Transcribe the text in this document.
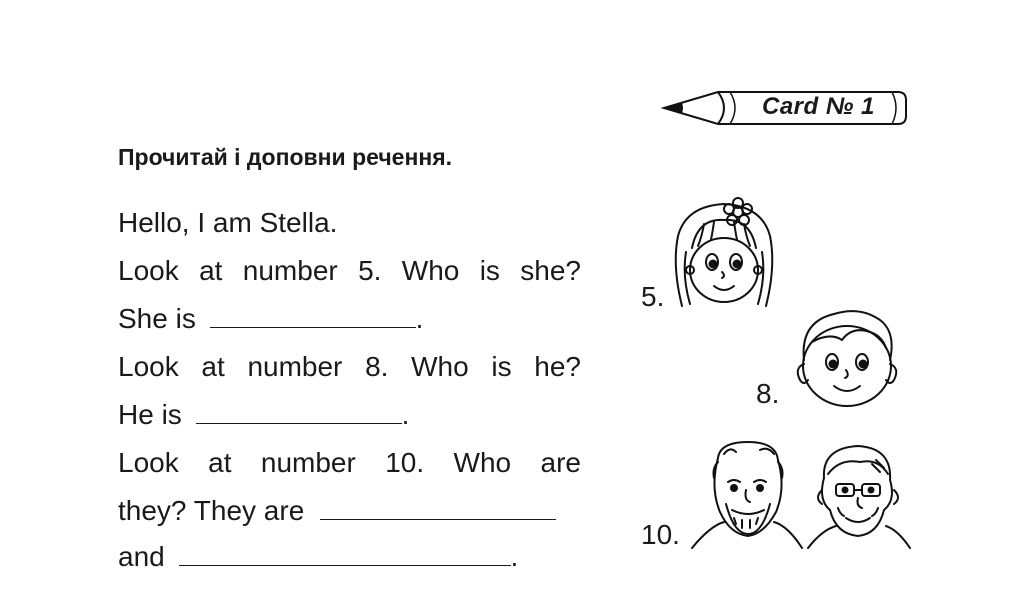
Card № 1
Прочитай і доповни речення.
Hello, I am Stella.
Look at number 5. Who is she?
She is	.
Look at number 8. Who is he?
He is	.
Look at number 10. Who are
they? They are
and	.
5.
8.
10.
